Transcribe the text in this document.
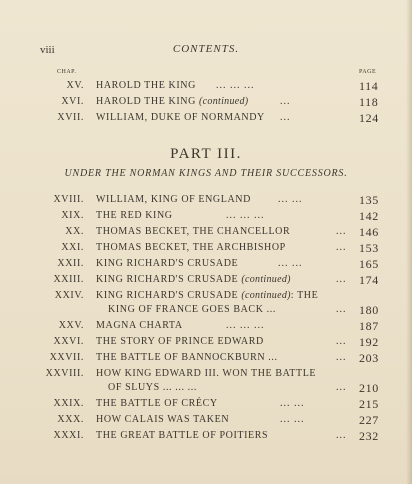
viii	CONTENTS.
CHAP.	PAGE
XV. HAROLD THE KING ... ... ...	114
XVI. HAROLD THE KING (continued)	...	118
XVII. WILLIAM, DUKE OF NORMANDY ...	124
PART III.
UNDER THE NORMAN KINGS AND THEIR SUCCESSORS.
XVIII. WILLIAM, KING OF ENGLAND	... ...	135
XIX. THE RED KING	... ... ...	142
XX. THOMAS BECKET, THE CHANCELLOR	... 146
XXI. THOMAS BECKET, THE ARCHBISHOP	... 153
XXII. KING RICHARD'S CRUSADE	... ...	165
XXIII. KING RICHARD'S CRUSADE (continued)	... 174
XXIV. KING RICHARD'S CRUSADE (continued): THE
KING OF FRANCE GOES BACK ...	... 180
XXV. MAGNA CHARTA	... ... ...	187
XXVI. THE STORY OF PRINCE EDWARD	... 192
XXVII. THE BATTLE OF BANNOCKBURN ...	... 203
XXVIII. HOW KING EDWARD III. WON THE BATTLE
OF SLUYS ... ... ...	... 210
XXIX. THE BATTLE OF CRÉCY	... ...	215
XXX. HOW CALAIS WAS TAKEN	... ...	227
XXXI. THE GREAT BATTLE OF POITIERS	... 232
